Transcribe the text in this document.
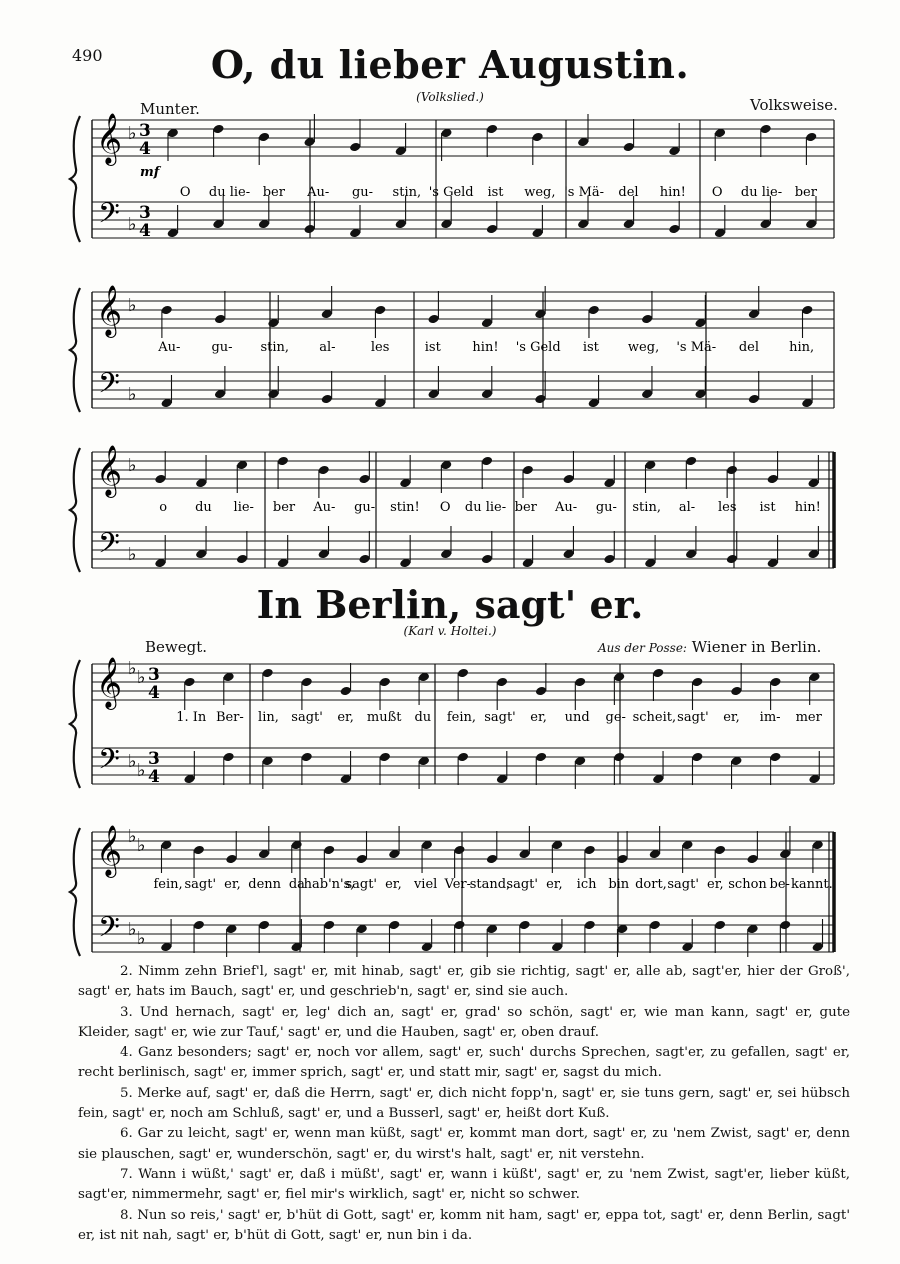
490	O, du lieber Augustin.
(Volkslied.)
Munter.	Volksweise.
In Berlin, sagt' er.
(Karl v. Holtei.)
Bewegt.	Aus der Posse: Wiener in Berlin.
mf
𝄞
𝄢
♭
♭
3
4
3
4
O du lie- ber Au- gu- stin, 's Geld ist weg, 's Mä- del hin! O du lie- ber
𝄞
𝄢
♭
♭
Au- gu- stin, al-	les	ist hin! 's Geld ist weg, 's Mä- del hin,
𝄞
𝄢
♭
♭
o du lie- ber Au- gu- stin! O du lie- ber Au- gu- stin, al- les ist hin!
𝄞
𝄢
♭
♭
♭
♭
3
4
3
4
1. In Ber- lin, sagt' er, mußt du fein, sagt' er, und ge- scheit, sagt' er, im- mer
𝄞
𝄢
♭
♭
♭
♭
fein, sagt' er, denn da
hab'n's,
sagt' er, viel Ver-
stand,
sagt' er, ich bin dort, sagt' er, schon be- kannt.

2. Nimm zehn Brief'l, sagt' er, mit hinab, sagt' er, gib sie richtig, sagt' er, alle ab, sagt'er, hier der Groß', sagt' er, hats im Bauch, sagt' er, und geschrieb'n, sagt' er, sind sie auch.

3. Und hernach, sagt' er, leg' dich an, sagt' er, grad' so schön, sagt' er, wie man kann, sagt' er, gute Kleider, sagt' er, wie zur Tauf,' sagt' er, und die Hauben, sagt' er, oben drauf.

4. Ganz besonders; sagt' er, noch vor allem, sagt' er, such' durchs Sprechen, sagt'er, zu gefallen, sagt' er, recht berlinisch, sagt' er, immer sprich, sagt' er, und statt mir, sagt' er, sagst du mich.

5. Merke auf, sagt' er, daß die Herrn, sagt' er, dich nicht fopp'n, sagt' er, sie tuns gern, sagt' er, sei hübsch fein, sagt' er, noch am Schluß, sagt' er, und a Busserl, sagt' er, heißt dort Kuß.

6. Gar zu leicht, sagt' er, wenn man küßt, sagt' er, kommt man dort, sagt' er, zu 'nem Zwist, sagt' er, denn sie plauschen, sagt' er, wunderschön, sagt' er, du wirst's halt, sagt' er, nit verstehn.

7. Wann i wüßt,' sagt' er, daß i müßt', sagt' er, wann i küßt', sagt' er, zu 'nem Zwist, sagt'er, lieber küßt, sagt'er, nimmermehr, sagt' er, fiel mir's wirklich, sagt' er, nicht so schwer.

8. Nun so reis,' sagt' er, b'hüt di Gott, sagt' er, komm nit ham, sagt' er, eppa tot, sagt' er, denn Berlin, sagt' er, ist nit nah, sagt' er, b'hüt di Gott, sagt' er, nun bin i da.
